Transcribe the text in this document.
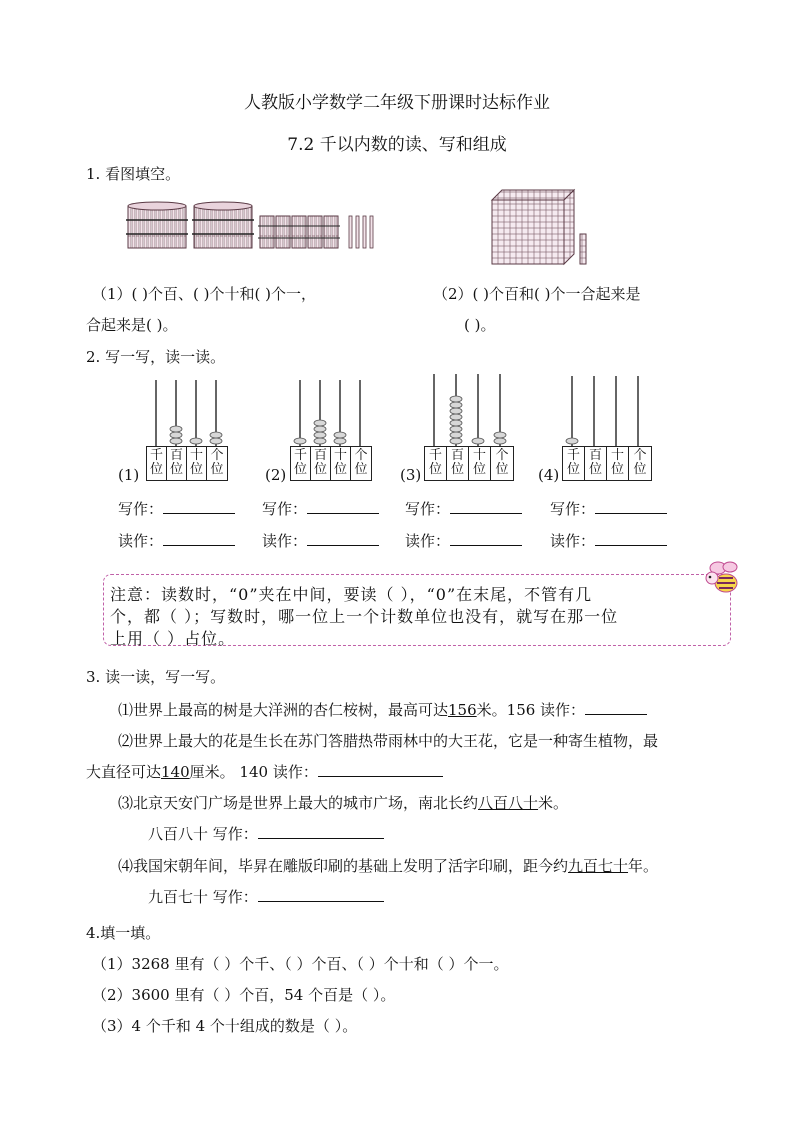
人教版小学数学二年级下册课时达标作业
7.2 千以内数的读、写和组成
1. 看图填空。
（1）( )个百、( )个十和( )个一，
合起来是( )。
（2）( )个百和( )个一合起来是
( )。
2. 写一写，读一读。
(1)
千位
百位
十位
个位	(2)
千位
百位
十位
个位 (3)
千位
百位
十位
个位	(4)
千位
百位
十位
个位
写作：	写作：	写作：	写作：
读作：	读作：	读作：	读作：
注意：读数时，“0”夹在中间，要读（ ），“0”在末尾，不管有几
个，都（ ）；写数时，哪一位上一个计数单位也没有，就写在那一位
上用（ ）占位。
3. 读一读，写一写。
⑴世界上最高的树是大洋洲的杏仁桉树，最高可达156米。156 读作：
⑵世界上最大的花是生长在苏门答腊热带雨林中的大王花，它是一种寄生植物，最
大直径可达140厘米。 140 读作：
⑶北京天安门广场是世界上最大的城市广场，南北长约八百八十米。
八百八十 写作：
⑷我国宋朝年间，毕昇在雕版印刷的基础上发明了活字印刷，距今约九百七十年。
九百七十 写作：
4.填一填。
（1）3268 里有（ ）个千、（ ）个百、（ ）个十和（ ）个一。
（2）3600 里有（ ）个百，54 个百是（ ）。
（3）4 个千和 4 个十组成的数是（ ）。
